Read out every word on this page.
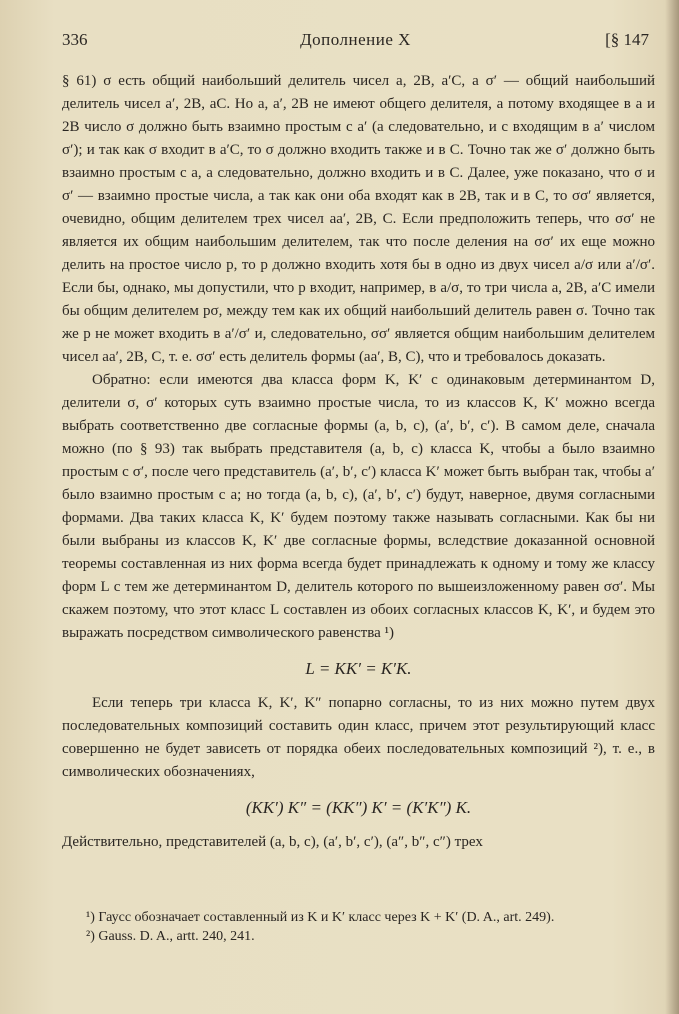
336	Дополнение X	[§ 147

§ 61) σ есть общий наибольший делитель чисел a, 2B, a′C, а σ′ — общий наибольший делитель чисел a′, 2B, aC. Но a, a′, 2B не имеют общего делителя, а потому входящее в a и 2B число σ должно быть взаимно простым с a′ (а следовательно, и с входящим в a′ числом σ′); и так как σ входит в a′C, то σ должно входить также и в C. Точно так же σ′ должно быть взаимно простым с a, а следовательно, должно входить и в C. Далее, уже показано, что σ и σ′ — взаимно простые числа, а так как они оба входят как в 2B, так и в C, то σσ′ является, очевидно, общим делителем трех чисел aa′, 2B, C. Если предположить теперь, что σσ′ не является их общим наибольшим делителем, так что после деления на σσ′ их еще можно делить на простое число p, то p должно входить хотя бы в одно из двух чисел a/σ или a′/σ′. Если бы, однако, мы допустили, что p входит, например, в a/σ, то три числа a, 2B, a′C имели бы общим делителем pσ, между тем как их общий наибольший делитель равен σ. Точно так же p не может входить в a′/σ′ и, следовательно, σσ′ является общим наибольшим делителем чисел aa′, 2B, C, т. е. σσ′ есть делитель формы (aa′, B, C), что и требовалось доказать.

Обратно: если имеются два класса форм K, K′ с одинаковым детерминантом D, делители σ, σ′ которых суть взаимно простые числа, то из классов K, K′ можно всегда выбрать соответственно две согласные формы (a, b, c), (a′, b′, c′). В самом деле, сначала можно (по § 93) так выбрать представителя (a, b, c) класса K, чтобы a было взаимно простым с σ′, после чего представитель (a′, b′, c′) класса K′ может быть выбран так, чтобы a′ было взаимно простым с a; но тогда (a, b, c), (a′, b′, c′) будут, наверное, двумя согласными формами. Два таких класса K, K′ будем поэтому также называть согласными. Как бы ни были выбраны из классов K, K′ две согласные формы, вследствие доказанной основной теоремы составленная из них форма всегда будет принадлежать к одному и тому же классу форм L с тем же детерминантом D, делитель которого по вышеизложенному равен σσ′. Мы скажем поэтому, что этот класс L составлен из обоих согласных классов K, K′, и будем это выражать посредством символического равенства ¹)

L = KK′ = K′K.

Если теперь три класса K, K′, K″ попарно согласны, то из них можно путем двух последовательных композиций составить один класс, причем этот результирующий класс совершенно не будет зависеть от порядка обеих последовательных композиций ²), т. е., в символических обозначениях,

(KK′) K″ = (KK″) K′ = (K′K″) K.

Действительно, представителей (a, b, c), (a′, b′, c′), (a″, b″, c″) трех

¹) Гаусс обозначает составленный из K и K′ класс через K + K′ (D. A., art. 249).

²) Gauss. D. A., artt. 240, 241.
